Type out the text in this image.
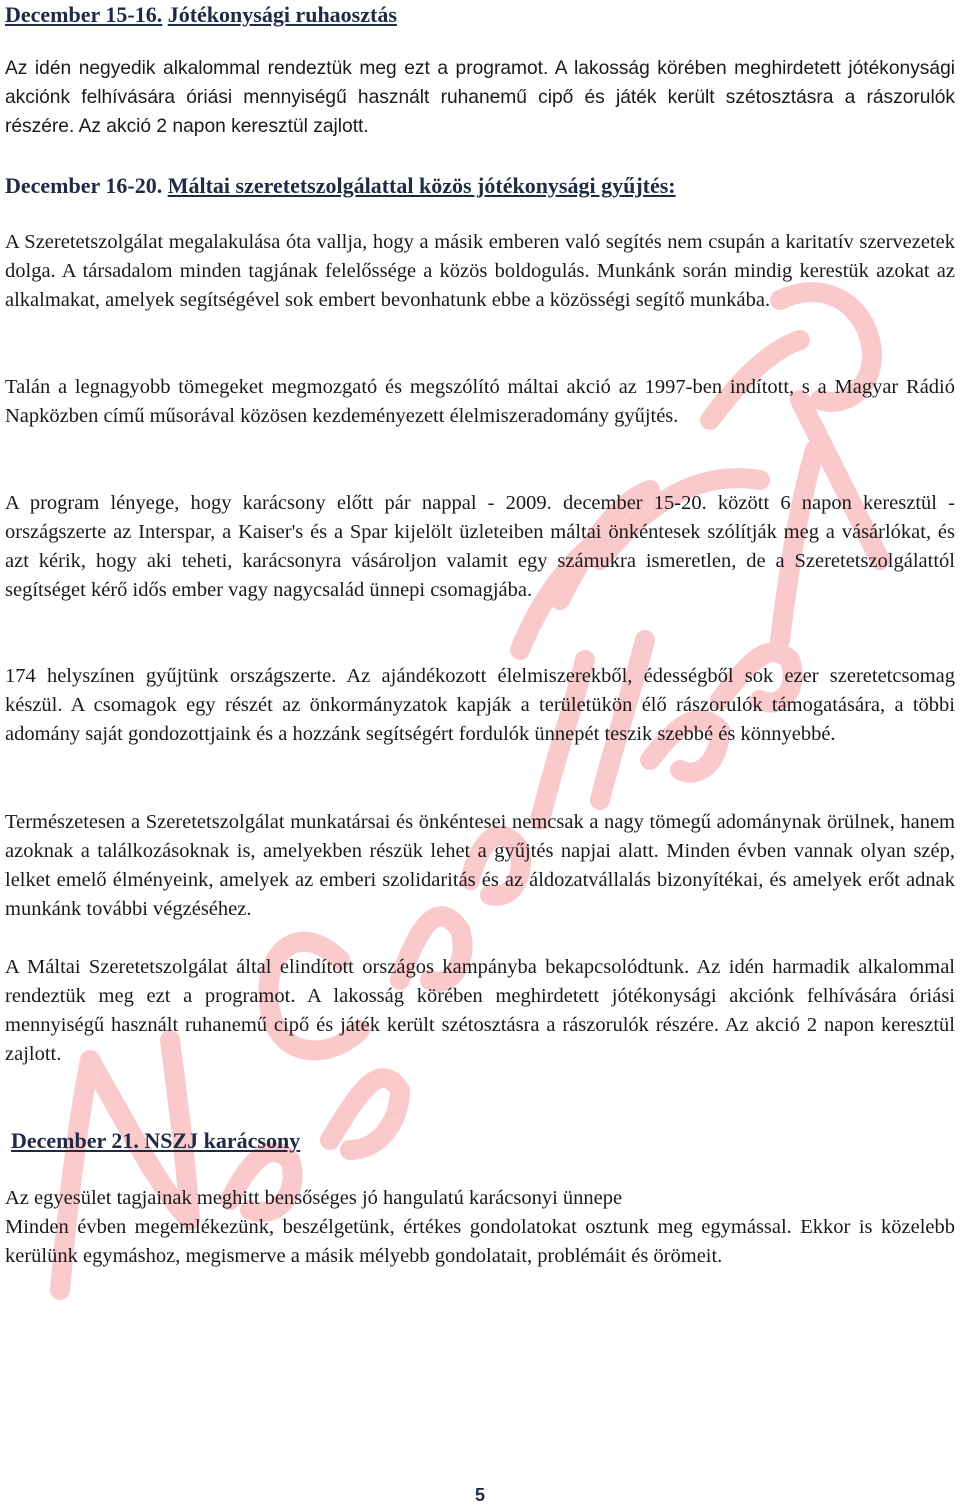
December 15-16. Jótékonysági ruhaosztás

Az idén negyedik alkalommal rendeztük meg ezt a programot. A lakosság körében meghirdetett jótékonysági akciónk felhívására óriási mennyiségű használt ruhanemű cipő és játék került szétosztásra a rászorulók részére. Az akció 2 napon keresztül zajlott.

December 16-20. Máltai szeretetszolgálattal közös jótékonysági gyűjtés:

A Szeretetszolgálat megalakulása óta vallja, hogy a másik emberen való segítés nem csupán a karitatív szervezetek dolga. A társadalom minden tagjának felelőssége a közös boldogulás. Munkánk során mindig kerestük azokat az alkalmakat, amelyek segítségével sok embert bevonhatunk ebbe a közösségi segítő munkába.

Talán a legnagyobb tömegeket megmozgató és megszólító máltai akció az 1997-ben indított, s a Magyar Rádió Napközben című műsorával közösen kezdeményezett élelmiszeradomány gyűjtés.

A program lényege, hogy karácsony előtt pár nappal - 2009. december 15-20. között 6 napon keresztül - országszerte az Interspar, a Kaiser's és a Spar kijelölt üzleteiben máltai önkéntesek szólítják meg a vásárlókat, és azt kérik, hogy aki teheti, karácsonyra vásároljon valamit egy számukra ismeretlen, de a Szeretetszolgálattól segítséget kérő idős ember vagy nagycsalád ünnepi csomagjába.

174 helyszínen gyűjtünk országszerte. Az ajándékozott élelmiszerekből, édességből sok ezer szeretetcsomag készül. A csomagok egy részét az önkormányzatok kapják a területükön élő rászorulók támogatására, a többi adomány saját gondozottjaink és a hozzánk segítségért fordulók ünnepét teszik szebbé és könnyebbé.

Természetesen a Szeretetszolgálat munkatársai és önkéntesei nemcsak a nagy tömegű adománynak örülnek, hanem azoknak a találkozásoknak is, amelyekben részük lehet a gyűjtés napjai alatt. Minden évben vannak olyan szép, lelket emelő élményeink, amelyek az emberi szolidaritás és az áldozatvállalás bizonyítékai, és amelyek erőt adnak munkánk további végzéséhez.

A Máltai Szeretetszolgálat által elindított országos kampányba bekapcsolódtunk. Az idén harmadik alkalommal rendeztük meg ezt a programot. A lakosság körében meghirdetett jótékonysági akciónk felhívására óriási mennyiségű használt ruhanemű cipő és játék került szétosztásra a rászorulók részére. Az akció 2 napon keresztül zajlott.

December 21. NSZJ karácsony

Az egyesület tagjainak meghitt bensőséges jó hangulatú karácsonyi ünnepe

Minden évben megemlékezünk, beszélgetünk, értékes gondolatokat osztunk meg egymással. Ekkor is közelebb kerülünk egymáshoz, megismerve a másik mélyebb gondolatait, problémáit és örömeit.

5
